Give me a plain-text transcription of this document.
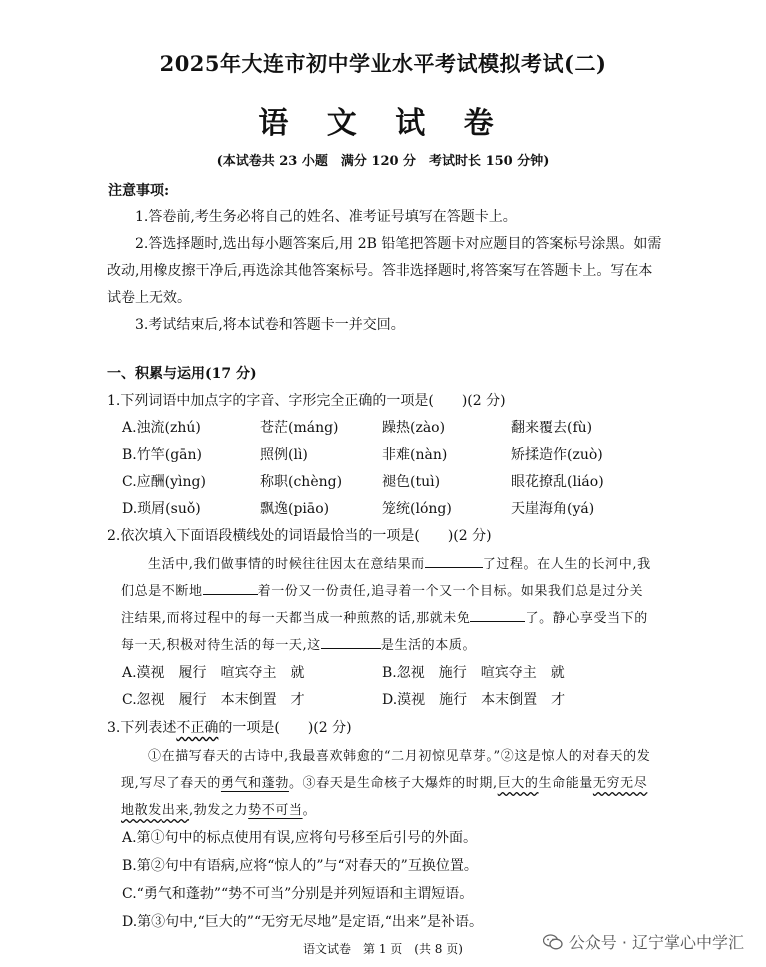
2025年大连市初中学业水平考试模拟考试(二)
语 文 试 卷
(本试卷共 23 小题　满分 120 分　考试时长 150 分钟)
注意事项:
1.答卷前,考生务必将自己的姓名、准考证号填写在答题卡上。
2.答选择题时,选出每小题答案后,用 2B 铅笔把答题卡对应题目的答案标号涂黑。如需
改动,用橡皮擦干净后,再选涂其他答案标号。答非选择题时,将答案写在答题卡上。写在本
试卷上无效。
3.考试结束后,将本试卷和答题卡一并交回。
一、积累与运用(17 分)
1.下列词语中加点字的字音、字形完全正确的一项是(　　)(2 分)
A.浊流(zhú)	苍茫(máng)	躁热(zào)	翻来覆去(fù)
B.竹竿(gān)	照例(lì)	非难(nàn)	矫揉造作(zuò)
C.应酬(yìng)	称职(chèng)	褪色(tuì)	眼花撩乱(liáo)
D.琐屑(suǒ)	飘逸(piāo)	笼统(lóng)	天崖海角(yá)
2.依次填入下面语段横线处的词语最恰当的一项是(　　)(2 分)
生活中,我们做事情的时候往往因太在意结果而	了过程。在人生的长河中,我
们总是不断地	着一份又一份责任,追寻着一个又一个目标。如果我们总是过分关
注结果,而将过程中的每一天都当成一种煎熬的话,那就未免	了。静心享受当下的
每一天,积极对待生活的每一天,这	是生活的本质。
A.漠视　履行　喧宾夺主　就	B.忽视　施行　喧宾夺主　就
C.忽视　履行　本末倒置　才	D.漠视　施行　本末倒置　才
3.下列表述不正确的一项是(　　)(2 分)
①在描写春天的古诗中,我最喜欢韩愈的“二月初惊见草芽。”②这是惊人的对春天的发
现,写尽了春天的勇气和蓬勃。③春天是生命核子大爆炸的时期,巨大的生命能量无穷无尽
地散发出来,勃发之力势不可当。
A.第①句中的标点使用有误,应将句号移至后引号的外面。
B.第②句中有语病,应将“惊人的”与“对春天的”互换位置。
C.“勇气和蓬勃”“势不可当”分别是并列短语和主谓短语。
D.第③句中,“巨大的”“无穷无尽地”是定语,“出来”是补语。
语文试卷　第 1 页　(共 8 页)	公众号 · 辽宁掌心中学汇
